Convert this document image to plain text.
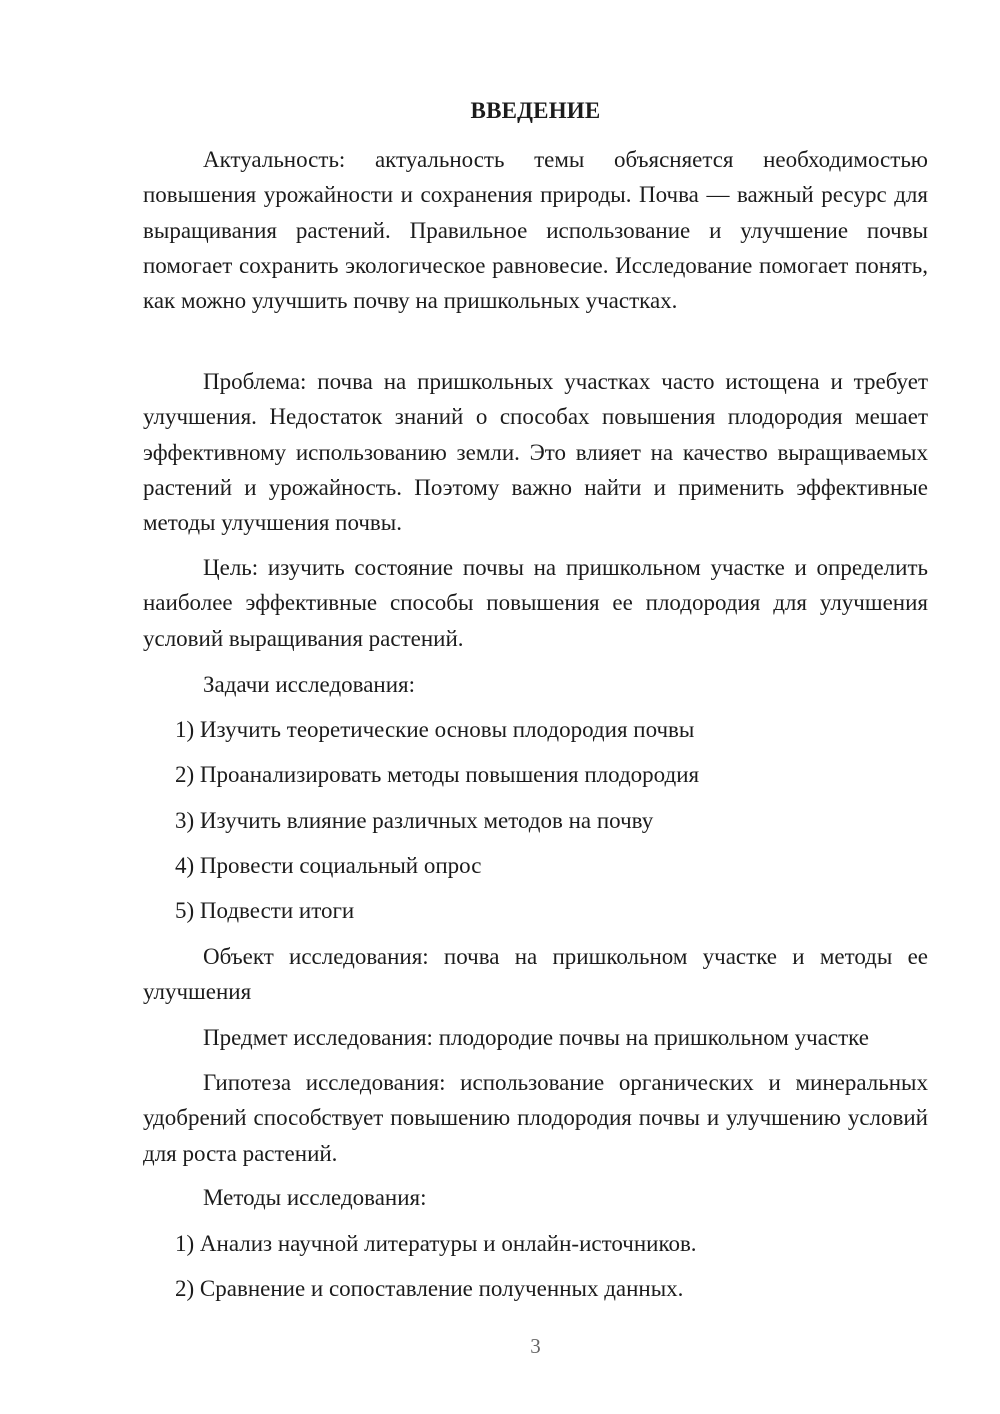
ВВЕДЕНИЕ

Актуальность: актуальность темы объясняется необходимостью повышения урожайности и сохранения природы. Почва — важный ресурс для выращивания растений. Правильное использование и улучшение почвы помогает сохранить экологическое равновесие. Исследование помогает понять, как можно улучшить почву на пришкольных участках.

Проблема: почва на пришкольных участках часто истощена и требует улучшения. Недостаток знаний о способах повышения плодородия мешает эффективному использованию земли. Это влияет на качество выращиваемых растений и урожайность. Поэтому важно найти и применить эффективные методы улучшения почвы.

Цель: изучить состояние почвы на пришкольном участке и определить наиболее эффективные способы повышения ее плодородия для улучшения условий выращивания растений.

Задачи исследования:

1) Изучить теоретические основы плодородия почвы

2) Проанализировать методы повышения плодородия

3) Изучить влияние различных методов на почву

4) Провести социальный опрос

5) Подвести итоги

Объект исследования: почва на пришкольном участке и методы ее улучшения

Предмет исследования: плодородие почвы на пришкольном участке

Гипотеза исследования: использование органических и минеральных удобрений способствует повышению плодородия почвы и улучшению условий для роста растений.

Методы исследования:

1) Анализ научной литературы и онлайн-источников.

2) Сравнение и сопоставление полученных данных.

3
